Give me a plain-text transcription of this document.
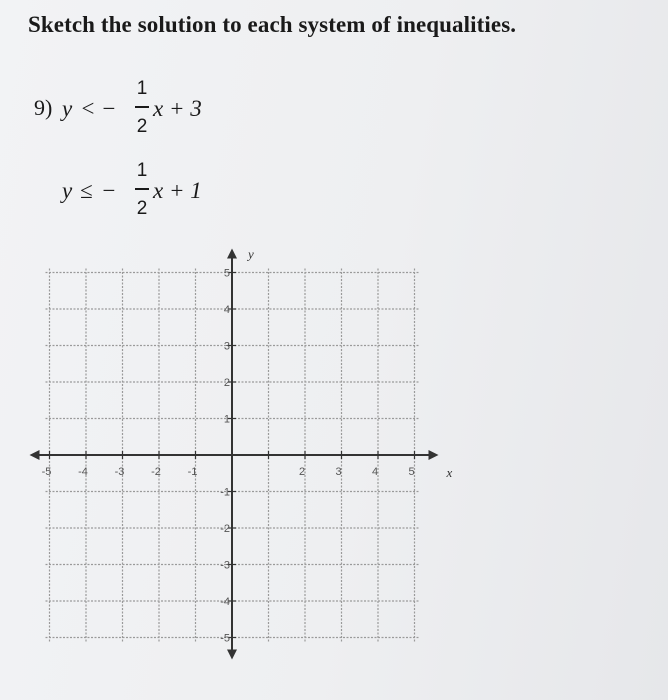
Sketch the solution to each system of inequalities.
9) y < −
1
2
x + 3
y ≤ −
1
2
x + 1
-5 -4 -3 -2 -1	2	3	4	5
5
4
3
2
1
-1
-2
-3
-4
-5
x
y
